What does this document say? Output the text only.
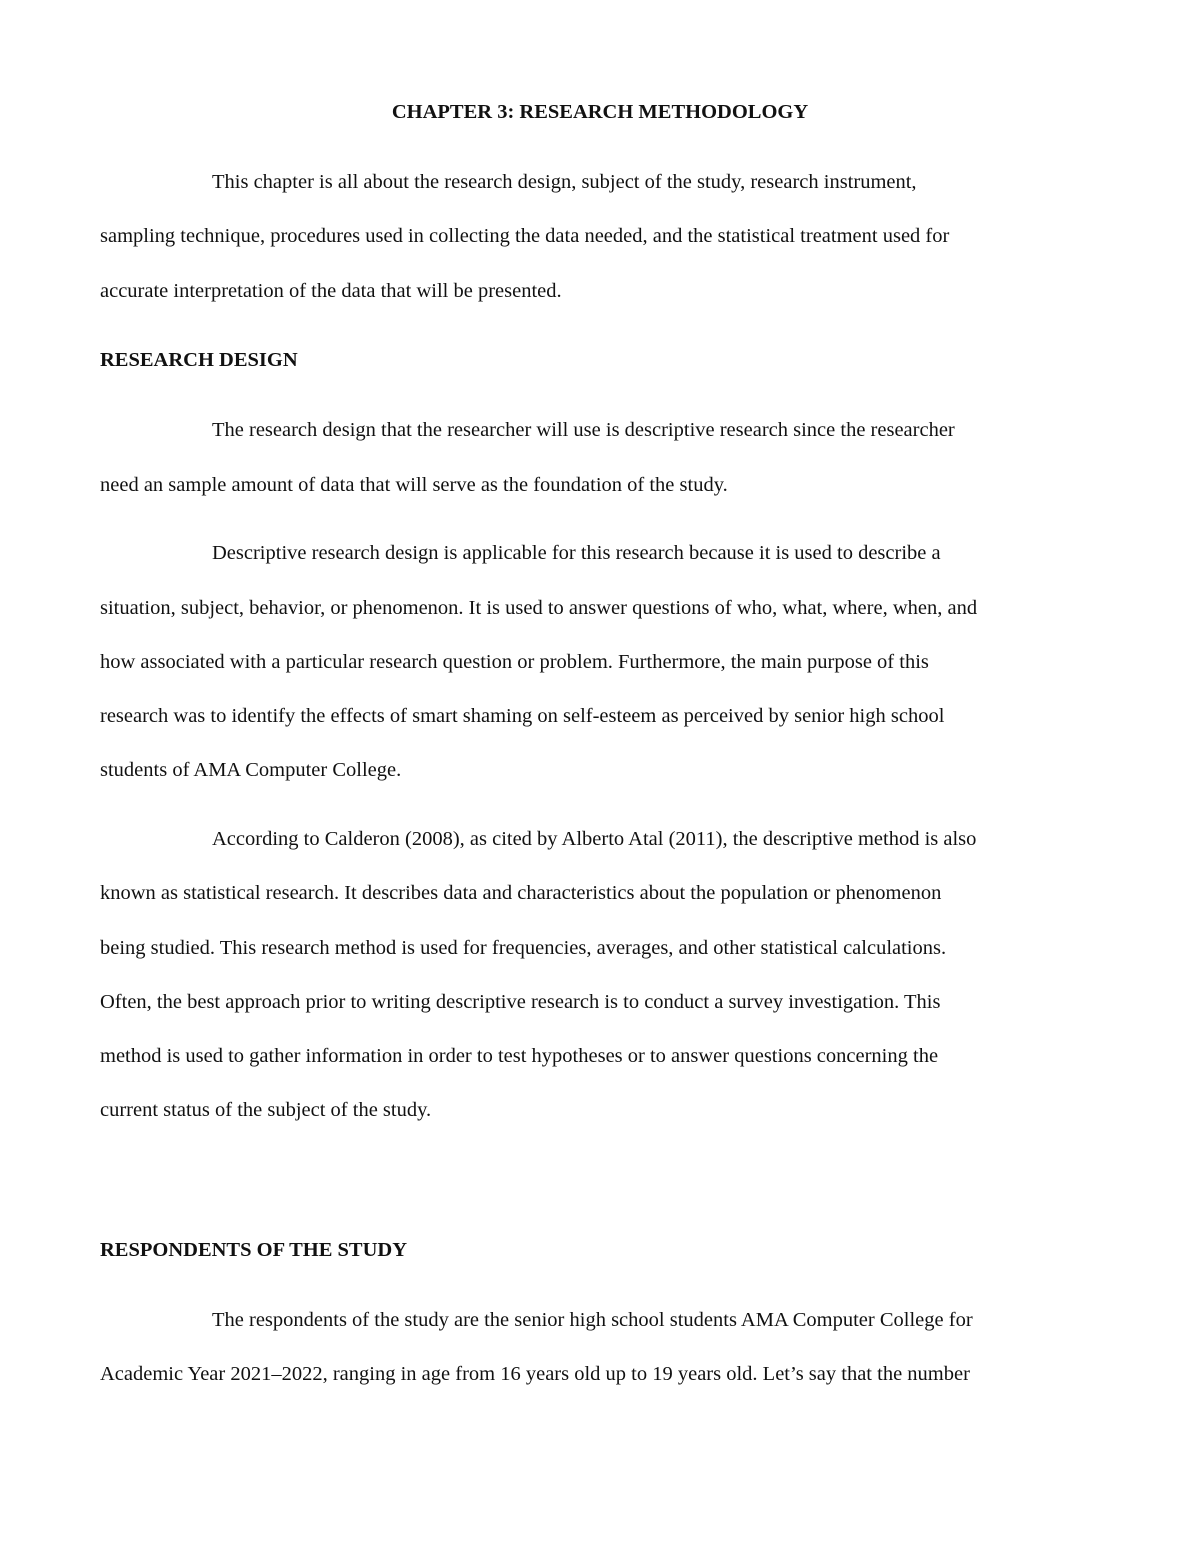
CHAPTER 3: RESEARCH METHODOLOGY
This chapter is all about the research design, subject of the study, research instrument,
sampling technique, procedures used in collecting the data needed, and the statistical treatment used for
accurate interpretation of the data that will be presented.
RESEARCH DESIGN
The research design that the researcher will use is descriptive research since the researcher
need an sample amount of data that will serve as the foundation of the study.
Descriptive research design is applicable for this research because it is used to describe a
situation, subject, behavior, or phenomenon. It is used to answer questions of who, what, where, when, and
how associated with a particular research question or problem. Furthermore, the main purpose of this
research was to identify the effects of smart shaming on self-esteem as perceived by senior high school
students of AMA Computer College.
According to Calderon (2008), as cited by Alberto Atal (2011), the descriptive method is also
known as statistical research. It describes data and characteristics about the population or phenomenon
being studied. This research method is used for frequencies, averages, and other statistical calculations.
Often, the best approach prior to writing descriptive research is to conduct a survey investigation. This
method is used to gather information in order to test hypotheses or to answer questions concerning the
current status of the subject of the study.
RESPONDENTS OF THE STUDY
The respondents of the study are the senior high school students AMA Computer College for
Academic Year 2021–2022, ranging in age from 16 years old up to 19 years old. Let’s say that the number
